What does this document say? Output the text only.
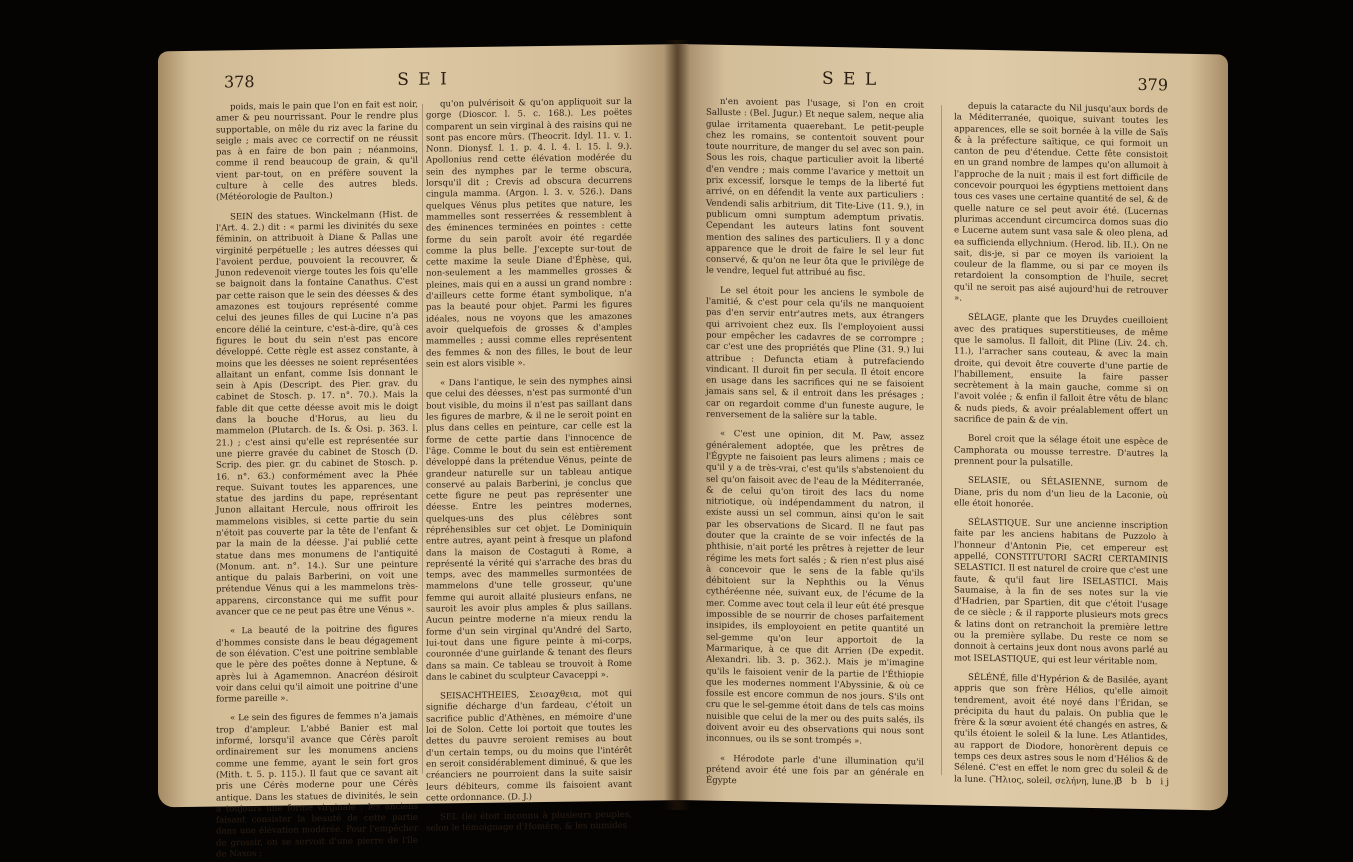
378	S E I

poids, mais le pain que l'on en fait est noir, amer & peu nourrissant. Pour le rendre plus supportable, on mêle du riz avec la farine du seigle ; mais avec ce correctif on ne réussit pas à en faire de bon pain ; néanmoins, comme il rend beaucoup de grain, & qu'il vient par-tout, on en préfère souvent la culture à celle des autres bleds. (Météorologie de Paulton.)

SEIN des statues. Winckelmann (Hist. de l'Art. 4. 2.) dit : « parmi les divinités du sexe féminin, on attribuoit à Diane & Pallas une virginité perpétuelle ; les autres déesses qui l'avoient perdue, pouvoient la recouvrer, & Junon redevenoit vierge toutes les fois qu'elle se baignoit dans la fontaine Canathus. C'est par cette raison que le sein des déesses & des amazones est toujours représenté comme celui des jeunes filles de qui Lucine n'a pas encore délié la ceinture, c'est-à-dire, qu'à ces figures le bout du sein n'est pas encore développé. Cette règle est assez constante, à moins que les déesses ne soient représentées allaitant un enfant, comme Isis donnant le sein à Apis (Descript. des Pier. grav. du cabinet de Stosch. p. 17. n°. 70.). Mais la fable dit que cette déesse avoit mis le doigt dans la bouche d'Horus, au lieu du mammelon (Plutarch. de Is. & Osi. p. 363. l. 21.) ; c'est ainsi qu'elle est représentée sur une pierre gravée du cabinet de Stosch (D. Scrip. des pier. gr. du cabinet de Stosch. p. 16. n°. 63.) conformément avec la Phée reque. Suivant toutes les apparences, une statue des jardins du pape, représentant Junon allaitant Hercule, nous offriroit les mammelons visibles, si cette partie du sein n'étoit pas couverte par la tête de l'enfant & par la main de la déesse. J'ai publié cette statue dans mes monumens de l'antiquité (Monum. ant. n°. 14.). Sur une peinture antique du palais Barberini, on voit une prétendue Vénus qui a les mammelons très-apparens, circonstance qui me suffit pour avancer que ce ne peut pas être une Vénus ».

« La beauté de la poitrine des figures d'hommes consiste dans le beau dégagement de son élévation. C'est une poitrine semblable que le père des poëtes donne à Neptune, & après lui à Agamemnon. Anacréon désiroit voir dans celui qu'il aimoit une poitrine d'une forme pareille ».

« Le sein des figures de femmes n'a jamais trop d'ampleur. L'abbé Banier est mal informé, lorsqu'il avance que Cérès paroît ordinairement sur les monumens anciens comme une femme, ayant le sein fort gros (Mith. t. 5. p. 115.). Il faut que ce savant ait pris une Cérès moderne pour une Cérès antique. Dans les statues de divinités, le sein a toujours une forme virginale ; les anciens faisant consister la beauté de cette partie dans une élévation modérée. Pour l'empêcher de grossir, on se servoit d'une pierre de l'île de Naxos ;

qu'on pulvérisoit & qu'on appliquoit sur la gorge (Dioscor. l. 5. c. 168.). Les poëtes comparent un sein virginal à des raisins qui ne sont pas encore mûrs. (Theocrit. Idyl. 11. v. 1. Nonn. Dionysf. l. 1. p. 4. l. 4. l. 15. l. 9.). Apollonius rend cette élévation modérée du sein des nymphes par le terme obscura, lorsqu'il dit ; Crevis ad obscura decurrens cingula mamma. (Argon. l. 3. v. 526.). Dans quelques Vénus plus petites que nature, les mammelles sont resserrées & ressemblent à des éminences terminées en pointes : cette forme du sein paroît avoir été regardée comme la plus belle. J'excepte sur-tout de cette maxime la seule Diane d'Éphèse, qui, non-seulement a les mammelles grosses & pleines, mais qui en a aussi un grand nombre : d'ailleurs cette forme étant symbolique, n'a pas la beauté pour objet. Parmi les figures idéales, nous ne voyons que les amazones avoir quelquefois de grosses & d'amples mammelles ; aussi comme elles représentent des femmes & non des filles, le bout de leur sein est alors visible ».

« Dans l'antique, le sein des nymphes ainsi que celui des déesses, n'est pas surmonté d'un bout visible, du moins il n'est pas saillant dans les figures de marbre, & il ne le seroit point en plus dans celles en peinture, car celle est la forme de cette partie dans l'innocence de l'âge. Comme le bout du sein est entièrement développé dans la prétendue Vénus, peinte de grandeur naturelle sur un tableau antique conservé au palais Barberini, je conclus que cette figure ne peut pas représenter une déesse. Entre les peintres modernes, quelques-uns des plus célèbres sont répréhensibles sur cet objet. Le Dominiquin entre autres, ayant peint à fresque un plafond dans la maison de Costaguti à Rome, a représenté la vérité qui s'arrache des bras du temps, avec des mammelles surmontées de mammelons d'une telle grosseur, qu'une femme qui auroit allaité plusieurs enfans, ne sauroit les avoir plus amples & plus saillans. Aucun peintre moderne n'a mieux rendu la forme d'un sein virginal qu'André del Sarto, lui-tout dans une figure peinte à mi-corps, couronnée d'une guirlande & tenant des fleurs dans sa main. Ce tableau se trouvoit à Rome dans le cabinet du sculpteur Cavaceppi ».

SEISACHTHEIES, Σεισαχθεια, mot qui signifie décharge d'un fardeau, c'étoit un sacrifice public d'Athènes, en mémoire d'une loi de Solon. Cette loi portoit que toutes les dettes du pauvre seroient remises au bout d'un certain temps, ou du moins que l'intérêt en seroit considérablement diminué, & que les créanciers ne pourroient dans la suite saisir leurs débiteurs, comme ils faisoient avant cette ordonnance. (D. J.)

SEL (le) étoit inconnu à plusieurs peuples, selon le témoignage d'Homère, & les numides

S E L	379

n'en avoient pas l'usage, si l'on en croit Salluste : (Bel. Jugur.) Et neque salem, neque alia gulae irritamenta quaerebant. Le petit-peuple chez les romains, se contentoit souvent pour toute nourriture, de manger du sel avec son pain. Sous les rois, chaque particulier avoit la liberté d'en vendre ; mais comme l'avarice y mettoit un prix excessif, lorsque le temps de la liberté fut arrivé, on en défendit la vente aux particuliers : Vendendi salis arbitrium, dit Tite-Live (11. 9.), in publicum omni sumptum ademptum privatis. Cependant les auteurs latins font souvent mention des salines des particuliers. Il y a donc apparence que le droit de faire le sel leur fut conservé, & qu'on ne leur ôta que le privilège de le vendre, lequel fut attribué au fisc.

Le sel étoit pour les anciens le symbole de l'amitié, & c'est pour cela qu'ils ne manquoient pas d'en servir entr'autres mets, aux étrangers qui arrivoient chez eux. Ils l'employoient aussi pour empêcher les cadavres de se corrompre ; car c'est une des propriétés que Pline (31. 9.) lui attribue : Defuncta etiam à putrefaciendo vindicant. Il duroit fin per secula. Il étoit encore en usage dans les sacrifices qui ne se faisoient jamais sans sel, & il entroit dans les présages ; car on regardoit comme d'un funeste augure, le renversement de la salière sur la table.

« C'est une opinion, dit M. Paw, assez généralement adoptée, que les prêtres de l'Égypte ne faisoient pas leurs alimens ; mais ce qu'il y a de très-vrai, c'est qu'ils s'abstenoient du sel qu'on faisoit avec de l'eau de la Méditerranée, & de celui qu'on tiroit des lacs du nome nitriotique, où indépendamment du natron, il existe aussi un sel commun, ainsi qu'on le sait par les observations de Sicard. Il ne faut pas douter que la crainte de se voir infectés de la phthisie, n'ait porté les prêtres à rejetter de leur régime les mets fort salés ; & rien n'est plus aisé à concevoir que le sens de la fable qu'ils débitoient sur la Nephthis ou la Vénus cythéréenne née, suivant eux, de l'écume de la mer. Comme avec tout cela il leur eût été presque impossible de se nourrir de choses parfaitement insipides, ils employoient en petite quantité un sel-gemme qu'on leur apportoit de la Marmarique, à ce que dit Arrien (De expedit. Alexandri. lib. 3. p. 362.). Mais je m'imagine qu'ils le faisoient venir de la partie de l'Éthiopie que les modernes nomment l'Abyssinie, & où ce fossile est encore commun de nos jours. S'ils ont cru que le sel-gemme étoit dans de tels cas moins nuisible que celui de la mer ou des puits salés, ils doivent avoir eu des observations qui nous sont inconnues, ou ils se sont trompés ».

« Hérodote parle d'une illumination qu'il prétend avoir été une fois par an générale en Égypte

depuis la cataracte du Nil jusqu'aux bords de la Méditerranée, quoique, suivant toutes les apparences, elle se soit bornée à la ville de Saïs & à la préfecture saïtique, ce qui formoit un canton de peu d'étendue. Cette fête consistoit en un grand nombre de lampes qu'on allumoit à l'approche de la nuit ; mais il est fort difficile de concevoir pourquoi les égyptiens mettoient dans tous ces vases une certaine quantité de sel, & de quelle nature ce sel peut avoir été. (Lucernas plurimas accendunt circumcirca domos suas dio e Lucerne autem sunt vasa sale & oleo plena, ad ea sufficienda ellychnium. (Herod. lib. II.). On ne sait, dis-je, si par ce moyen ils varioient la couleur de la flamme, ou si par ce moyen ils retardoient la consomption de l'huile, secret qu'il ne seroit pas aisé aujourd'hui de retrouver ».

SÉLAGE, plante que les Druydes cueilloient avec des pratiques superstitieuses, de même que le samolus. Il falloit, dit Pline (Liv. 24. ch. 11.), l'arracher sans couteau, & avec la main droite, qui devoit être couverte d'une partie de l'habillement, ensuite la faire passer secrètement à la main gauche, comme si on l'avoit volée ; & enfin il falloit être vêtu de blanc & nuds pieds, & avoir préalablement offert un sacrifice de pain & de vin.

Borel croit que la sélage étoit une espèce de Camphorata ou mousse terrestre. D'autres la prennent pour la pulsatille.

SELASIE, ou SÉLASIENNE, surnom de Diane, pris du nom d'un lieu de la Laconie, où elle étoit honorée.

SÉLASTIQUE. Sur une ancienne inscription faite par les anciens habitans de Puzzolo à l'honneur d'Antonin Pie, cet empereur est appellé, CONSTITUTORI SACRI CERTAMINIS SELASTICI. Il est naturel de croire que c'est une faute, & qu'il faut lire ISELASTICI. Mais Saumaise, à la fin de ses notes sur la vie d'Hadrien, par Spartien, dit que c'étoit l'usage de ce siècle ; & il rapporte plusieurs mots grecs & latins dont on retranchoit la première lettre ou la première syllabe. Du reste ce nom se donnoit à certains jeux dont nous avons parlé au mot ISELASTIQUE, qui est leur véritable nom.

SÉLÉNÉ, fille d'Hypérion & de Basilée, ayant appris que son frère Hélios, qu'elle aimoit tendrement, avoit été noyé dans l'Éridan, se précipita du haut du palais. On publia que le frère & la sœur avoient été changés en astres, & qu'ils étoient le soleil & la lune. Les Atlantides, au rapport de Diodore, honorèrent depuis ce temps ces deux astres sous le nom d'Hélios & de Sélené. C'est en effet le nom grec du soleil & de la lune. (Ἥλιος, soleil, σελήνη, lune.).

B b b ij
